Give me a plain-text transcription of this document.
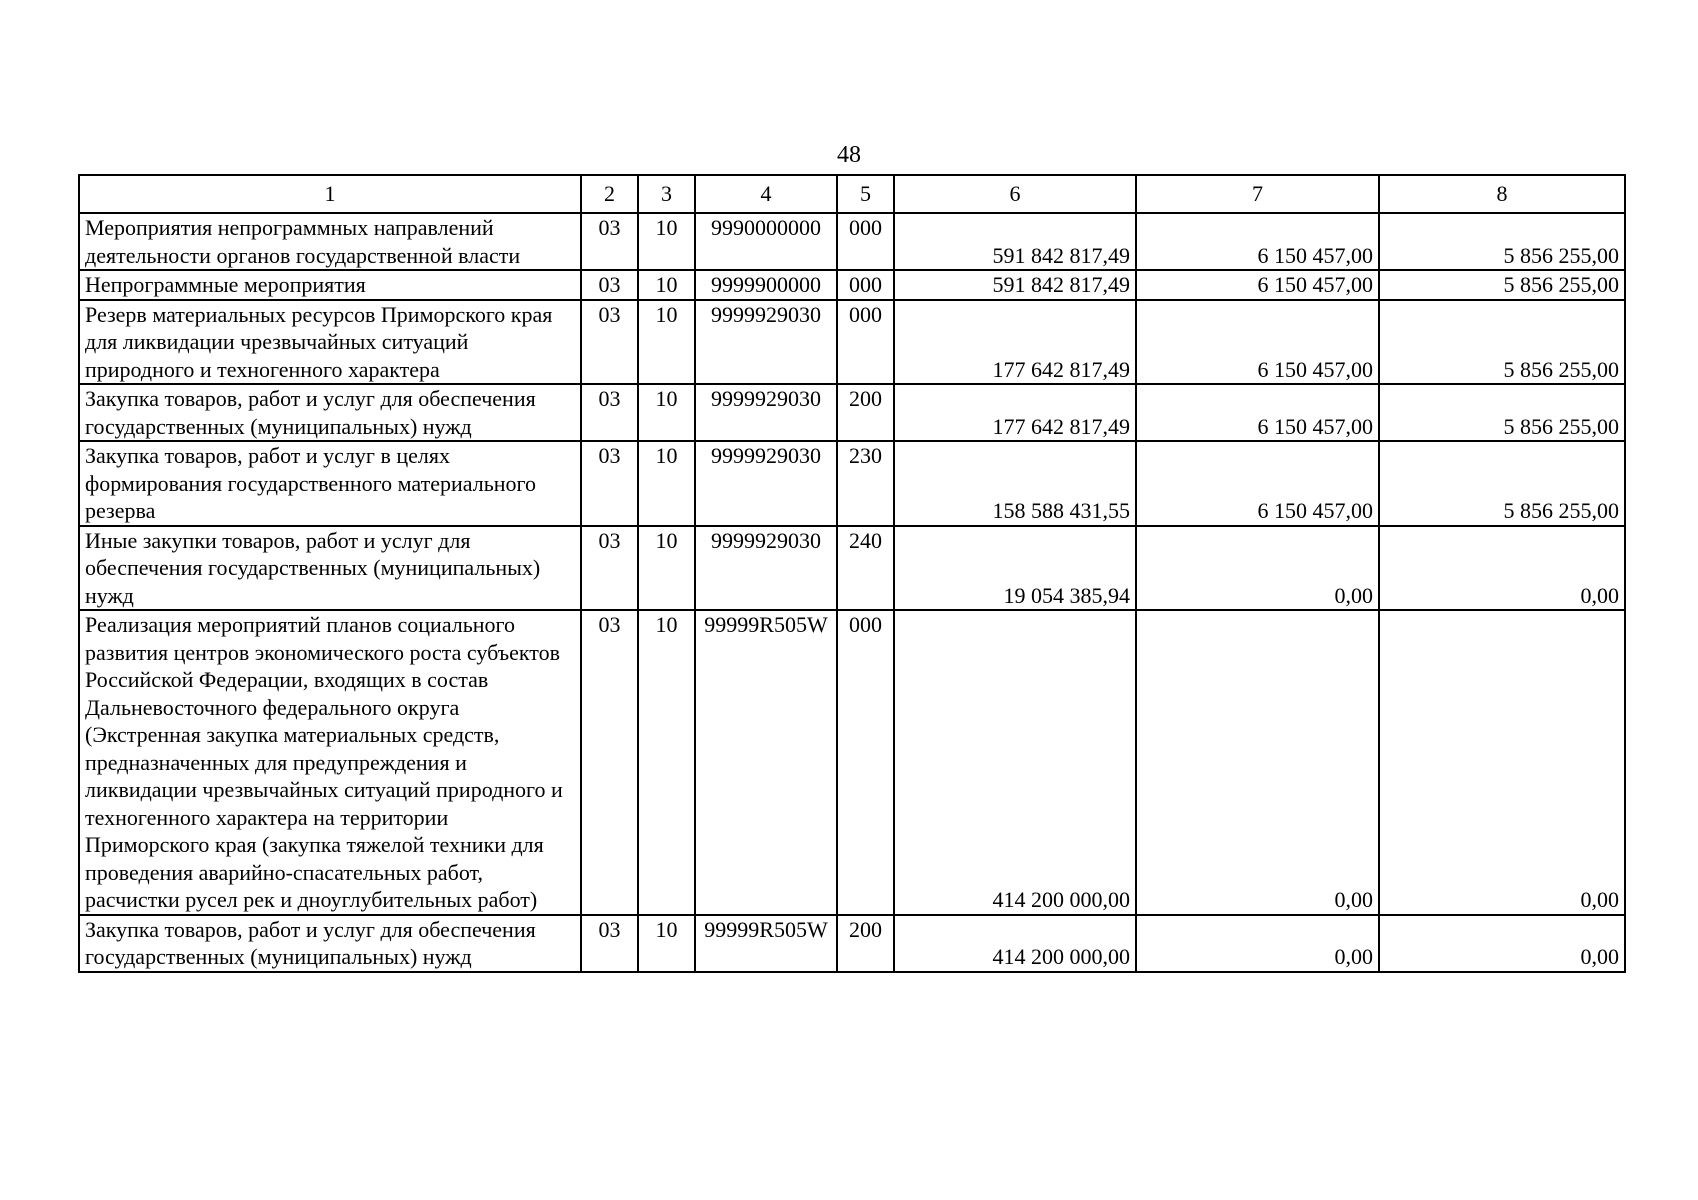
48
1	2	3	4	5	6	7	8
Мероприятия непрограммных направлений деятельности органов государственной власти	03	10	9990000000	000	591 842 817,49	6 150 457,00	5 856 255,00
Непрограммные мероприятия	03	10	9999900000	000	591 842 817,49	6 150 457,00	5 856 255,00
Резерв материальных ресурсов Приморского края для ликвидации чрезвычайных ситуаций природного и техногенного характера	03	10	9999929030	000	177 642 817,49	6 150 457,00	5 856 255,00
Закупка товаров, работ и услуг для обеспечения государственных (муниципальных) нужд	03	10	9999929030	200	177 642 817,49	6 150 457,00	5 856 255,00
Закупка товаров, работ и услуг в целях формирования государственного материального резерва	03	10	9999929030	230	158 588 431,55	6 150 457,00	5 856 255,00
Иные закупки товаров, работ и услуг для обеспечения государственных (муниципальных) нужд	03	10	9999929030	240	19 054 385,94	0,00	0,00
Реализация мероприятий планов социального развития центров экономического роста субъектов Российской Федерации, входящих в состав Дальневосточного федерального округа (Экстренная закупка материальных средств, предназначенных для предупреждения и ликвидации чрезвычайных ситуаций природного и техногенного характера на территории Приморского края (закупка тяжелой техники для проведения аварийно-спасательных работ, расчистки русел рек и дноуглубительных работ)	03	10	99999R505W	000	414 200 000,00	0,00	0,00
Закупка товаров, работ и услуг для обеспечения государственных (муниципальных) нужд	03	10	99999R505W	200	414 200 000,00	0,00	0,00
